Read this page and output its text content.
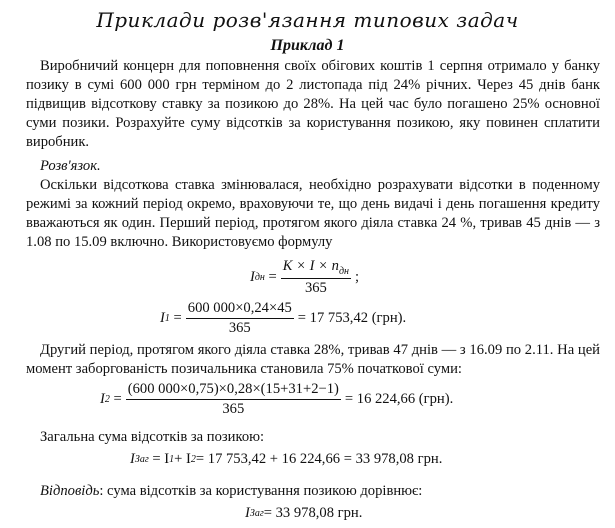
Приклади розв'язання типових задач
Приклад 1
Виробничий концерн для поповнення своїх обігових коштів 1 серпня отримало у банку позику в сумі 600 000 грн терміном до 2 листопада під 24% річних. Через 45 днів банк підвищив відсоткову ставку за позикою до 28%. На цей час було погашено 25% основної суми позики. Розрахуйте суму відсотків за користування позикою, яку повинен сплатити виробник.
Розв'язок.
Оскільки відсоткова ставка змінювалася, необхідно розрахувати відсотки в поденному режимі за кожний період окремо, враховуючи те, що день видачі і день погашення кредиту вважаються як один. Перший період, протягом якого діяла ставка 24 %, тривав 45 днів — з 1.08 по 15.09 включно. Використовуємо формулу
I дн = $\frac{K \times I \times n_{дн}}{365}$ ;
I $1 = \frac{600 000\times 0,24\times 45}{365} = 17$ 753,42 (грн).
Другий період, протягом якого діяла ставка 28%, тривав 47 днів — з 16.09 по 2.11. На цей момент заборгованість позичальника становила 75% початкової суми:
I $2 = \frac{(600 000\times 0,75)\times 0,28\times(15+31+2-1)}{365} = 16$ 224,66 (грн).
Загальна сума відсотків за позикою:
I Заг
= I 1 + I 2 = 17 753,42 + 16 224,66 = 33 978,08 грн.
Відповідь : сума відсотків за користування позикою дорівнює:
I Заг = 33 978,08 грн.
